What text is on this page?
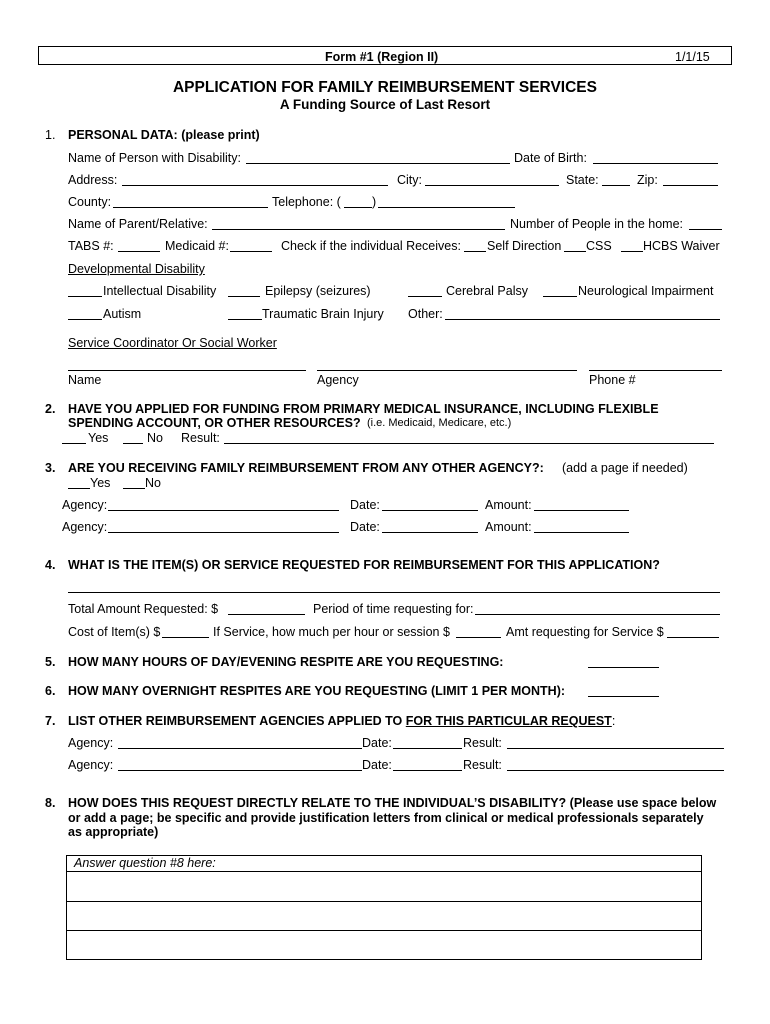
Form #1 (Region II)	1/1/15
APPLICATION FOR FAMILY REIMBURSEMENT SERVICES
A Funding Source of Last Resort
1. PERSONAL DATA: (please print)
Name of Person with Disability:	Date of Birth:
Address:	City:	State:	Zip:
County:	Telephone: ( )
Name of Parent/Relative:	Number of People in the home:
TABS #:	Medicaid #:	Check if the individual Receives: Self Direction CSS	HCBS Waiver
Developmental Disability
Intellectual Disability	Epilepsy (seizures)	Cerebral Palsy	Neurological Impairment
Autism	Traumatic Brain Injury Other:
Service Coordinator Or Social Worker
Name	Agency	Phone #
2. HAVE YOU APPLIED FOR FUNDING FROM PRIMARY MEDICAL INSURANCE, INCLUDING FLEXIBLE
SPENDING ACCOUNT, OR OTHER RESOURCES? (i.e. Medicaid, Medicare, etc.)
Yes	No Result:
3. ARE YOU RECEIVING FAMILY REIMBURSEMENT FROM ANY OTHER AGENCY?: (add a page if needed)
Yes	No
Agency:	Date:	Amount:
Agency:	Date:	Amount:
4. WHAT IS THE ITEM(S) OR SERVICE REQUESTED FOR REIMBURSEMENT FOR THIS APPLICATION?
Total Amount Requested: $	Period of time requesting for:
Cost of Item(s) $	If Service, how much per hour or session $	Amt requesting for Service $
5. HOW MANY HOURS OF DAY/EVENING RESPITE ARE YOU REQUESTING:
6. HOW MANY OVERNIGHT RESPITES ARE YOU REQUESTING (LIMIT 1 PER MONTH):
7. LIST OTHER REIMBURSEMENT AGENCIES APPLIED TO FOR THIS PARTICULAR REQUEST:
Agency:	Date:	Result:
Agency:	Date:	Result:
8. HOW DOES THIS REQUEST DIRECTLY RELATE TO THE INDIVIDUAL’S DISABILITY? (Please use space below
or add a page; be specific and provide justification letters from clinical or medical professionals separately
as appropriate)
Answer question #8 here:
